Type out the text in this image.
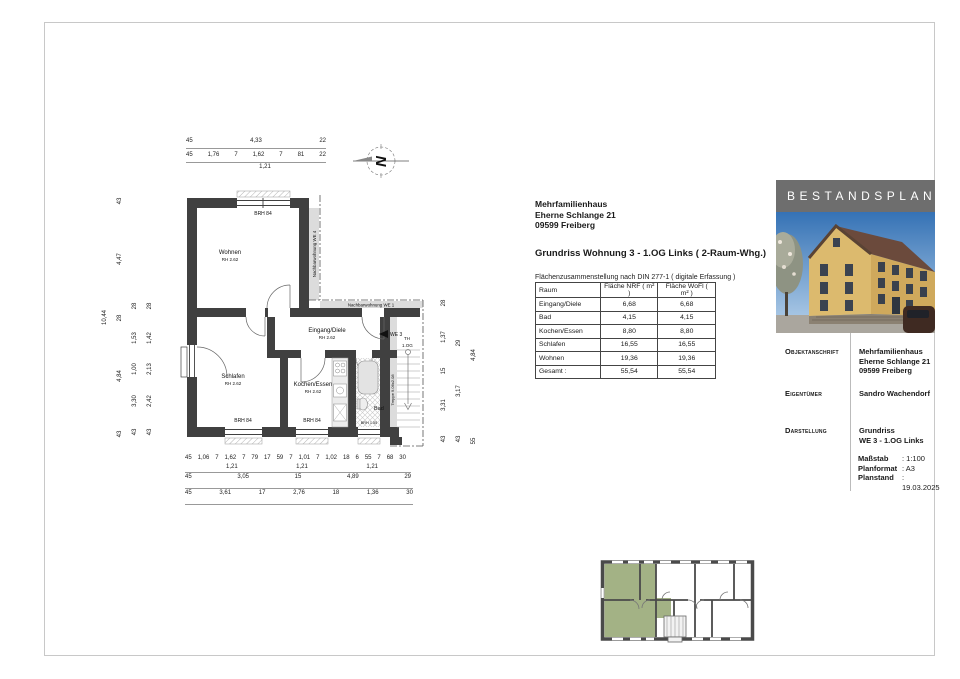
N
BRH 84
Wohnen
RH 2.62
Schlafen
RH 2.62	Kochen/Essen
RH 2.62
Eingang/Diele
RH 2.62
Bad
BRH 84	BRH 84	BRH 1.55
Nachbarwohnung WE 4
Nachbarwohnung WE 1
Treppe 9.06x2.08
WE 3
TH
1.OG
45	4,33	22
45 1,76 7 1,62 7 81 22
1,21
45 1,06 7 1,62 7 79 17 59 7 1,01 7 1,02 18 6 55 7 68 30
1,21	1,21	1,21
45	3,05	15	4,89	29
45	3,61	17	2,76	18	1,36	30
10,44
43
4,47
28
4,84
43
28
1,53
1,00
3,30
43
28
1,42
2,13
2,42
43
28
1,37
15
3,31
43
29
3,17
43
4,84
55
Mehrfamilienhaus
Eherne Schlange 21
09599 Freiberg
Grundriss Wohnung 3 - 1.OG Links ( 2-Raum-Whg.)
Flächenzusammenstellung nach DIN 277-1 ( digitale Erfassung )
Raum	Fläche NRF ( m² )	Fläche WoFl ( m² )
Eingang/Diele	6,68	6,68
Bad	4,15	4,15
Kochen/Essen	8,80	8,80
Schlafen	16,55	16,55
Wohnen	19,36	19,36
Gesamt :	55,54	55,54
BESTANDSPLAN
Objektanschrift	Mehrfamilienhaus
Eherne Schlange 21
09599 Freiberg
Eigentümer	Sandro Wachendorf
Darstellung	Grundriss
WE 3 - 1.OG Links
Maßstab	: 1:100
Planformat : A3
Planstand	: 19.03.2025
